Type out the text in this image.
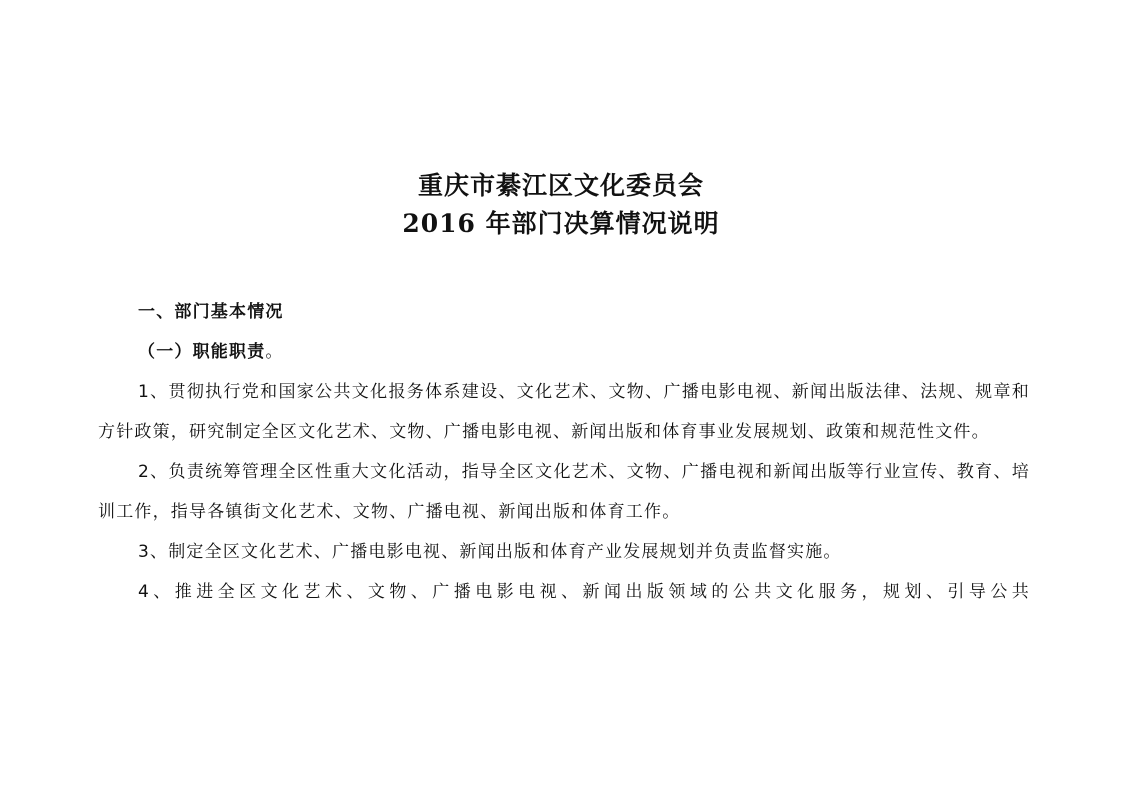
重庆市綦江区文化委员会
2016 年部门决算情况说明

一、部门基本情况

（一）职能职责。

1、贯彻执行党和国家公共文化报务体系建设、文化艺术、文物、广播电影电视、新闻出版法律、法规、规章和方针政策，研究制定全区文化艺术、文物、广播电影电视、新闻出版和体育事业发展规划、政策和规范性文件。

2、负责统筹管理全区性重大文化活动，指导全区文化艺术、文物、广播电视和新闻出版等行业宣传、教育、培训工作，指导各镇街文化艺术、文物、广播电视、新闻出版和体育工作。

3、制定全区文化艺术、广播电影电视、新闻出版和体育产业发展规划并负责监督实施。

4、推进全区文化艺术、文物、广播电影电视、新闻出版领域的公共文化服务，规划、引导公共
